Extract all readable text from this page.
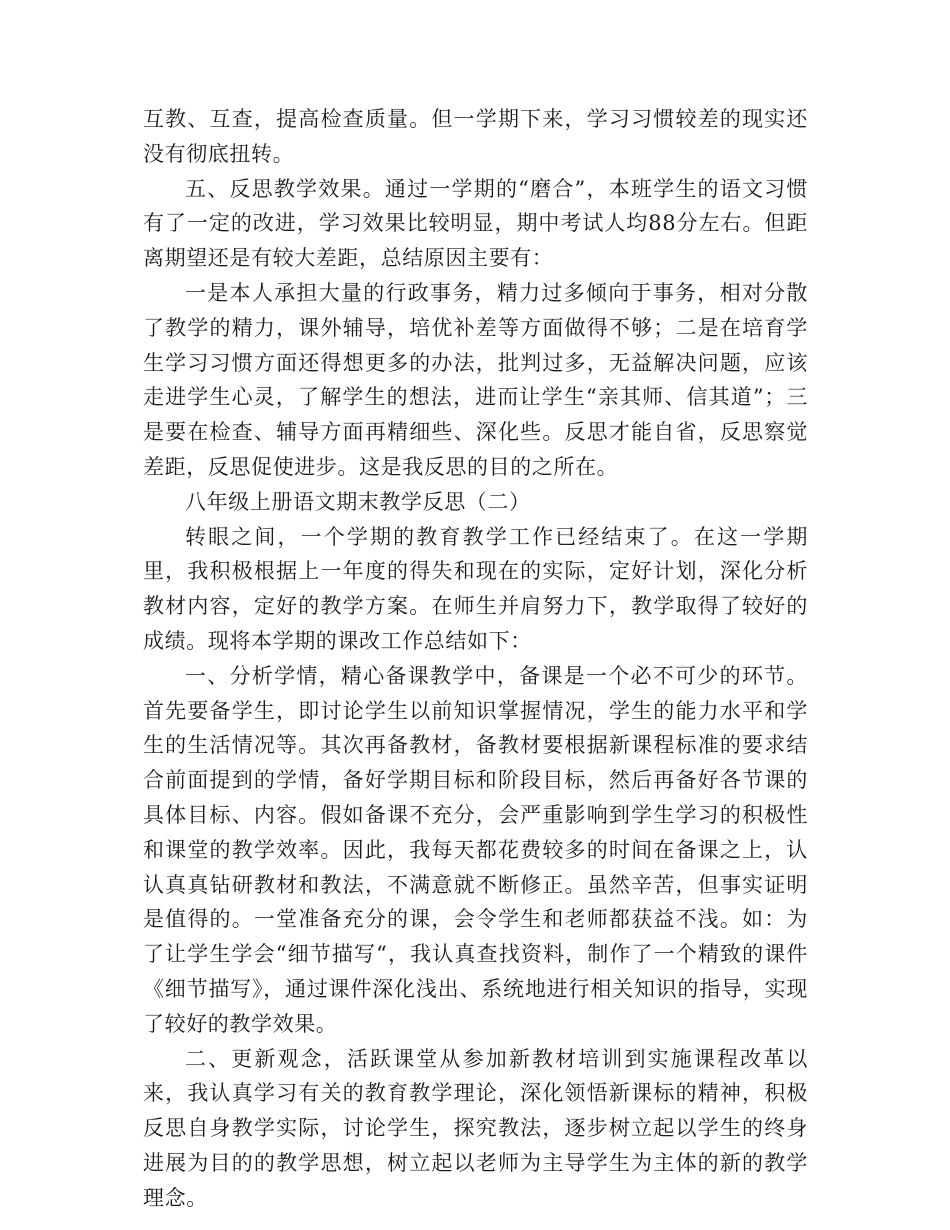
互教、互查，提高检查质量。但一学期下来，学习习惯较差的现实还没有彻底扭转。

五、反思教学效果。通过一学期的“磨合”，本班学生的语文习惯有了一定的改进，学习效果比较明显，期中考试人均88分左右。但距离期望还是有较大差距，总结原因主要有：

一是本人承担大量的行政事务，精力过多倾向于事务，相对分散了教学的精力，课外辅导，培优补差等方面做得不够；二是在培育学生学习习惯方面还得想更多的办法，批判过多，无益解决问题，应该走进学生心灵，了解学生的想法，进而让学生“亲其师、信其道”；三是要在检查、辅导方面再精细些、深化些。反思才能自省，反思察觉差距，反思促使进步。这是我反思的目的之所在。

八年级上册语文期末教学反思（二）

转眼之间，一个学期的教育教学工作已经结束了。在这一学期里，我积极根据上一年度的得失和现在的实际，定好计划，深化分析教材内容，定好的教学方案。在师生并肩努力下，教学取得了较好的成绩。现将本学期的课改工作总结如下：

一、分析学情，精心备课教学中，备课是一个必不可少的环节。首先要备学生，即讨论学生以前知识掌握情况，学生的能力水平和学生的生活情况等。其次再备教材，备教材要根据新课程标准的要求结合前面提到的学情，备好学期目标和阶段目标，然后再备好各节课的具体目标、内容。假如备课不充分，会严重影响到学生学习的积极性和课堂的教学效率。因此，我每天都花费较多的时间在备课之上，认认真真钻研教材和教法，不满意就不断修正。虽然辛苦，但事实证明是值得的。一堂准备充分的课，会令学生和老师都获益不浅。如：为了让学生学会“细节描写“，我认真查找资料，制作了一个精致的课件《细节描写》，通过课件深化浅出、系统地进行相关知识的指导，实现了较好的教学效果。

二、更新观念，活跃课堂从参加新教材培训到实施课程改革以来，我认真学习有关的教育教学理论，深化领悟新课标的精神，积极反思自身教学实际，讨论学生，探究教法，逐步树立起以学生的终身进展为目的的教学思想，树立起以老师为主导学生为主体的新的教学理念。
